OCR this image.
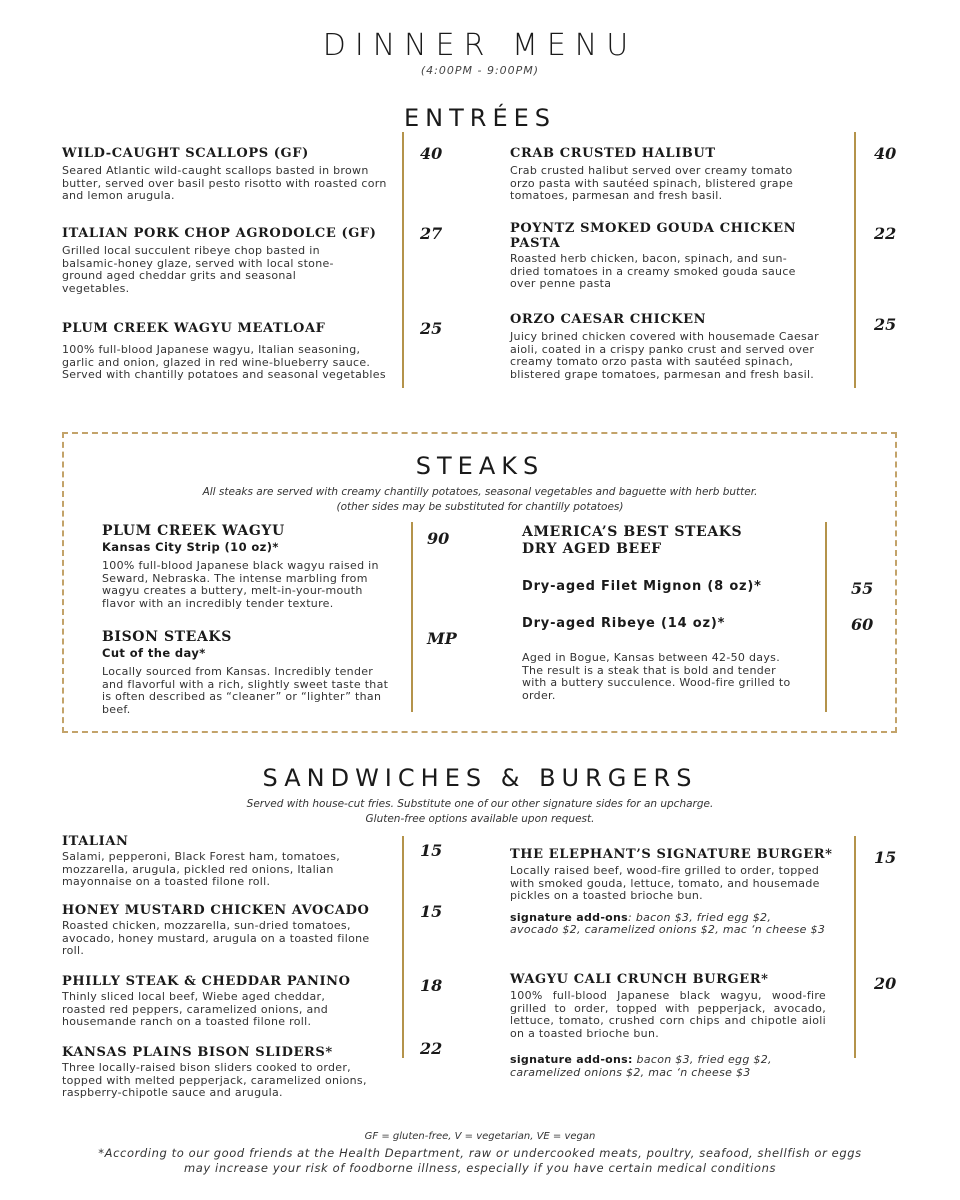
DINNER MENU
(4:00PM - 9:00PM)
ENTRÉES
WILD-CAUGHT SCALLOPS (GF)
Seared Atlantic wild-caught scallops basted in brown butter, served over basil pesto risotto with roasted corn and lemon arugula.
40
ITALIAN PORK CHOP AGRODOLCE (GF)
Grilled local succulent ribeye chop basted in balsamic-honey glaze, served with local stone-ground aged cheddar grits and seasonal vegetables.
27
PLUM CREEK WAGYU MEATLOAF
100% full-blood Japanese wagyu, Italian seasoning, garlic and onion, glazed in red wine-blueberry sauce. Served with chantilly potatoes and seasonal vegetables
25
CRAB CRUSTED HALIBUT
Crab crusted halibut served over creamy tomato orzo pasta with sautéed spinach, blistered grape tomatoes, parmesan and fresh basil.
40
POYNTZ SMOKED GOUDA CHICKEN PASTA
Roasted herb chicken, bacon, spinach, and sun-dried tomatoes in a creamy smoked gouda sauce over penne pasta
22
ORZO CAESAR CHICKEN
Juicy brined chicken covered with housemade Caesar aioli, coated in a crispy panko crust and served over creamy tomato orzo pasta with sautéed spinach, blistered grape tomatoes, parmesan and fresh basil.
25
STEAKS
All steaks are served with creamy chantilly potatoes, seasonal vegetables and baguette with herb butter.
(other sides may be substituted for chantilly potatoes)
PLUM CREEK WAGYU
Kansas City Strip (10 oz)*
100% full-blood Japanese black wagyu raised in Seward, Nebraska. The intense marbling from wagyu creates a buttery, melt-in-your-mouth flavor with an incredibly tender texture.
90
BISON STEAKS
Cut of the day*
Locally sourced from Kansas. Incredibly tender and flavorful with a rich, slightly sweet taste that is often described as “cleaner” or “lighter” than beef.
MP
AMERICA’S BEST STEAKS
DRY AGED BEEF
Dry-aged Filet Mignon (8 oz)*	55
Dry-aged Ribeye (14 oz)*	60
Aged in Bogue, Kansas between 42-50 days. The result is a steak that is bold and tender with a buttery succulence. Wood-fire grilled to order.
SANDWICHES & BURGERS
Served with house-cut fries. Substitute one of our other signature sides for an upcharge.
Gluten-free options available upon request.
ITALIAN
Salami, pepperoni, Black Forest ham, tomatoes, mozzarella, arugula, pickled red onions, Italian mayonnaise on a toasted filone roll.
15
HONEY MUSTARD CHICKEN AVOCADO
Roasted chicken, mozzarella, sun-dried tomatoes, avocado, honey mustard, arugula on a toasted filone roll.
15
PHILLY STEAK & CHEDDAR PANINO
Thinly sliced local beef, Wiebe aged cheddar, roasted red peppers, caramelized onions, and housemande ranch on a toasted filone roll.
18
KANSAS PLAINS BISON SLIDERS*
Three locally-raised bison sliders cooked to order, topped with melted pepperjack, caramelized onions, raspberry-chipotle sauce and arugula.
22
THE ELEPHANT’S SIGNATURE BURGER*
Locally raised beef, wood-fire grilled to order, topped with smoked gouda, lettuce, tomato, and housemade pickles on a toasted brioche bun.
signature add-ons: bacon $3, fried egg $2,
avocado $2, caramelized onions $2, mac ‘n cheese $3
15
WAGYU CALI CRUNCH BURGER*
100% full-blood Japanese black wagyu, wood-fire grilled to order, topped with pepperjack, avocado, lettuce, tomato, crushed corn chips and chipotle aioli on a toasted brioche bun.
signature add-ons: bacon $3, fried egg $2,
caramelized onions $2, mac ‘n cheese $3
20
GF = gluten-free, V = vegetarian, VE = vegan
*According to our good friends at the Health Department, raw or undercooked meats, poultry, seafood, shellfish or eggs
may increase your risk of foodborne illness, especially if you have certain medical conditions
